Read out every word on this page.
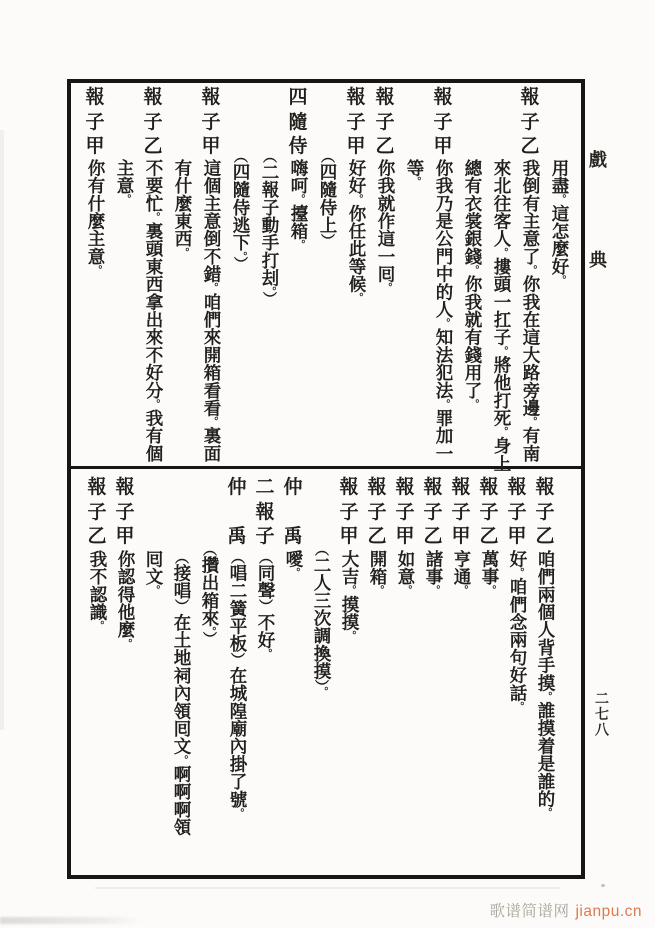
用盡。這怎麼好。
報
子
乙
我倒有主意了。你我在這大路旁邊。有南
來北往客人。摟頭一扛子。將他打死。身上
總有衣裳銀錢。你我就有錢用了。
報
子
甲
你我乃是公門中的人。知法犯法。罪加一
等。
報
子
乙
你我就作這一囘。
報
子
甲
好好。你任此等候。
（四隨侍上）
四
隨
侍
嗨呵。擡箱。
（二報子動手打刦。）
（四隨侍逃下。）
報
子
甲
這個主意倒不錯。咱們來開箱看看。裏面
有什麼東西。
報
子
乙
不要忙。裏頭東西拿出來不好分。我有個
主意。
報
子
甲
你有什麼主意。
報
子
乙
咱們兩個人背手摸。誰摸着是誰的。
報
子
甲
好。咱們念兩句好話。
報
子
乙
萬事。
報
子
甲
亨通。
報
子
乙
諸事。
報
子
甲
如意。
報
子
乙
開箱。
報
子
甲
大吉。摸摸。
（二人三次調換摸）。
仲
禹
噯。
二
報
子
（同聲）不好。
仲
禹
（唱二簧平板）在城隍廟內掛了號。
（攢出箱來。）
（接唱）在土地祠內領囘文。啊啊啊領
囘文。
報
子
甲
你認得他麼。
報
子
乙
我不認識。
戲
典
二七八
歌谱简谱网 jianpu.cn
